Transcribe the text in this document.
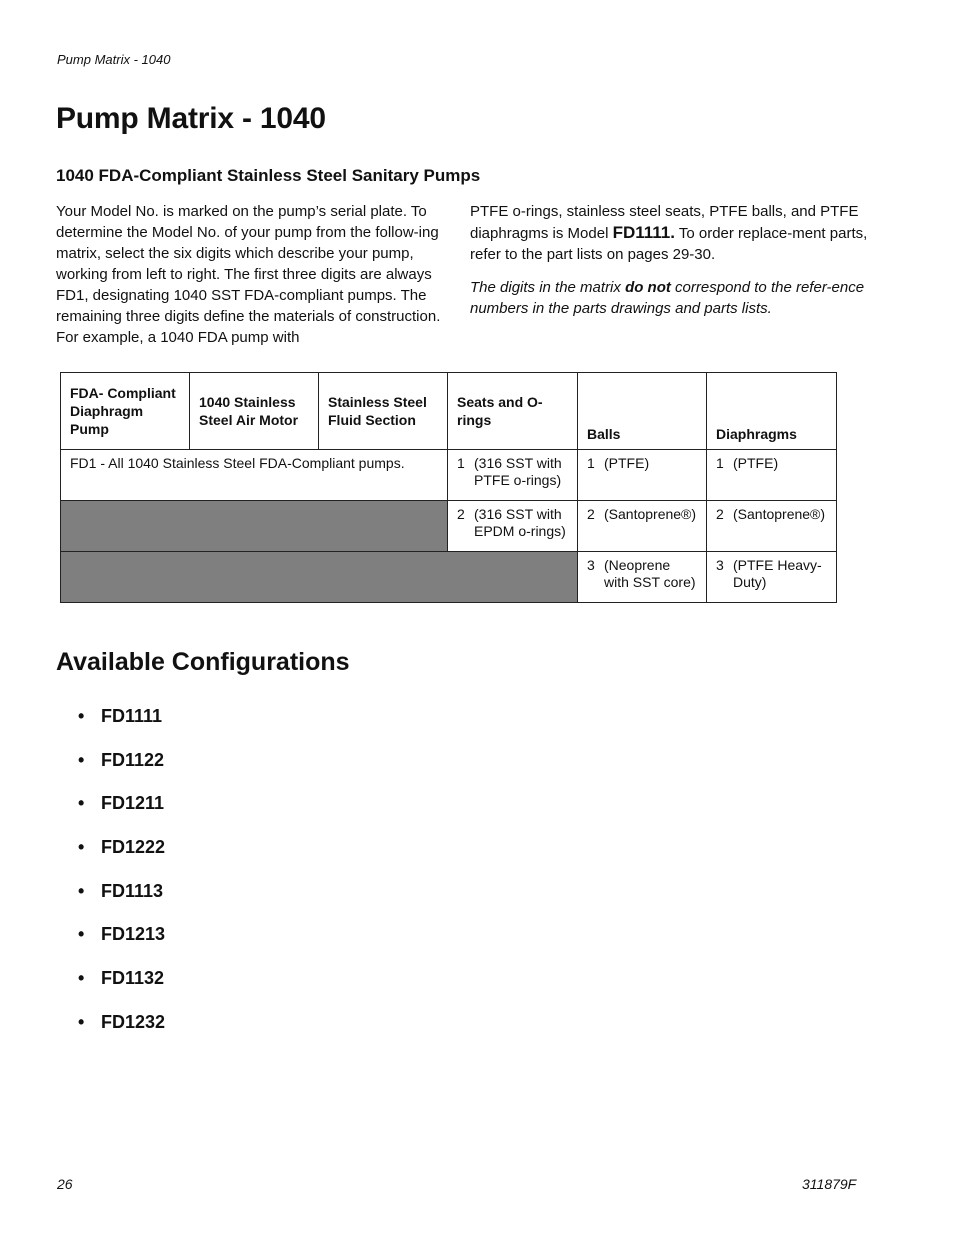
Pump Matrix - 1040
Pump Matrix - 1040
1040 FDA-Compliant Stainless Steel Sanitary Pumps

Your Model No. is marked on the pump’s serial plate. To determine the Model No. of your pump from the follow-ing matrix, select the six digits which describe your pump, working from left to right. The first three digits are always FD1, designating 1040 SST FDA-compliant pumps. The remaining three digits define the materials of construction. For example, a 1040 FDA pump with

PTFE o-rings, stainless steel seats, PTFE balls, and PTFE diaphragms is Model FD1111. To order replace-ment parts, refer to the part lists on pages 29-30.

The digits in the matrix do not correspond to the refer-ence numbers in the parts drawings and parts lists.

FDA- Compliant Diaphragm Pump	1040 Stainless Steel Air Motor	Stainless Steel Fluid Section	Seats and O-rings	Balls	Diaphragms
FD1 - All 1040 Stainless Steel FDA-Compliant pumps.			1 (316 SST with PTFE o-rings)	1 (PTFE)	1 (PTFE)

			2 (316 SST with EPDM o-rings)	2 (Santoprene®)	2 (Santoprene®)

				3 (Neoprene with SST core)	3 (PTFE Heavy-Duty)
Available Configurations
• FD1111
• FD1122
• FD1211
• FD1222
• FD1113
• FD1213
• FD1132
• FD1232
26	311879F
